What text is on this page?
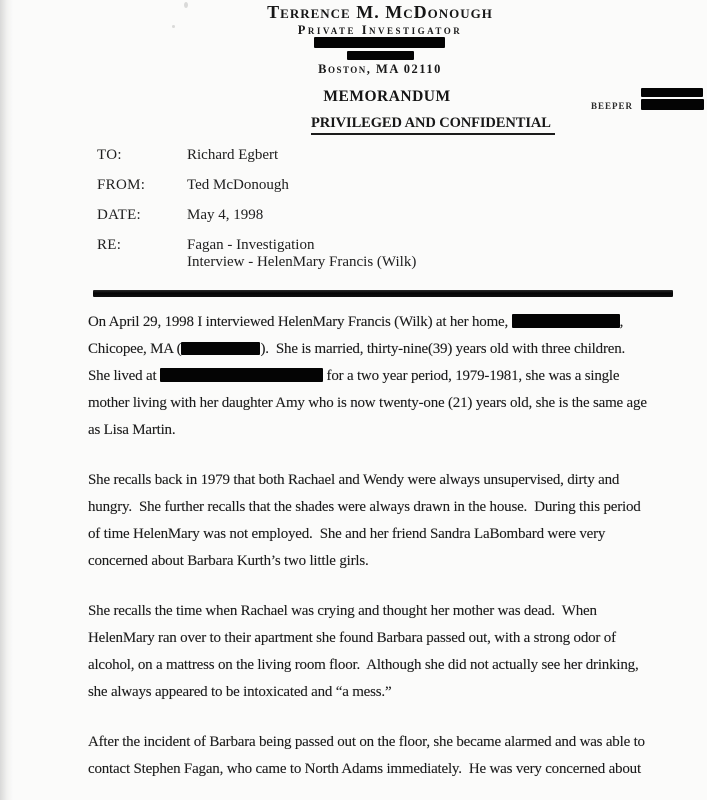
Terrence M. McDonough
Private Investigator
Boston, MA 02110
MEMORANDUM
BEEPER
PRIVILEGED AND CONFIDENTIAL
TO:	Richard Egbert
FROM:	Ted McDonough
DATE:	May 4, 1998
RE:	Fagan - Investigation
Interview - HelenMary Francis (Wilk)
On April 29, 1998 I interviewed HelenMary Francis (Wilk) at her home,	,
Chicopee, MA (	).  She is married, thirty-nine(39) years old with three children.
She lived at	for a two year period, 1979-1981, she was a single
mother living with her daughter Amy who is now twenty-one (21) years old, she is the same age
as Lisa Martin.
She recalls back in 1979 that both Rachael and Wendy were always unsupervised, dirty and
hungry.  She further recalls that the shades were always drawn in the house.  During this period
of time HelenMary was not employed.  She and her friend Sandra LaBombard were very
concerned about Barbara Kurth’s two little girls.
She recalls the time when Rachael was crying and thought her mother was dead.  When
HelenMary ran over to their apartment she found Barbara passed out, with a strong odor of
alcohol, on a mattress on the living room floor.  Although she did not actually see her drinking,
she always appeared to be intoxicated and “a mess.”
After the incident of Barbara being passed out on the floor, she became alarmed and was able to
contact Stephen Fagan, who came to North Adams immediately.  He was very concerned about
